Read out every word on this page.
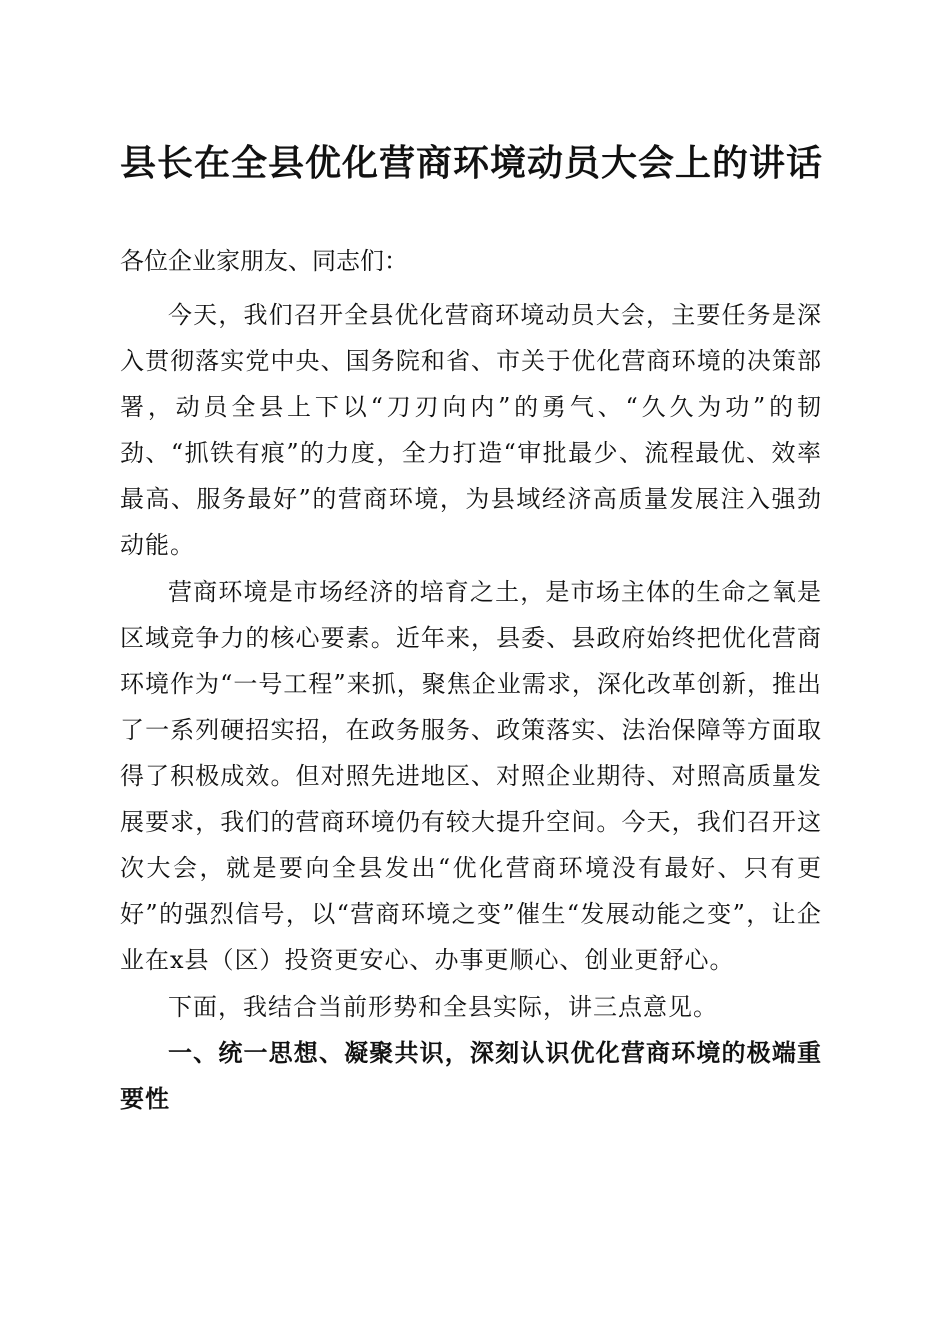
县长在全县优化营商环境动员大会上的讲话

各位企业家朋友、同志们：

今天，我们召开全县优化营商环境动员大会，主要任务是深入贯彻落实党中央、国务院和省、市关于优化营商环境的决策部署，动员全县上下以“刀刃向内”的勇气、“久久为功”的韧劲、“抓铁有痕”的力度，全力打造“审批最少、流程最优、效率最高、服务最好”的营商环境，为县域经济高质量发展注入强劲动能。

营商环境是市场经济的培育之土，是市场主体的生命之氧是区域竞争力的核心要素。近年来，县委、县政府始终把优化营商环境作为“一号工程”来抓，聚焦企业需求，深化改革创新，推出了一系列硬招实招，在政务服务、政策落实、法治保障等方面取得了积极成效。但对照先进地区、对照企业期待、对照高质量发展要求，我们的营商环境仍有较大提升空间。今天，我们召开这次大会，就是要向全县发出“优化营商环境没有最好、只有更好”的强烈信号，以“营商环境之变”催生“发展动能之变”，让企业在x县（区）投资更安心、办事更顺心、创业更舒心。

下面，我结合当前形势和全县实际，讲三点意见。

一、统一思想、凝聚共识，深刻认识优化营商环境的极端重要性
